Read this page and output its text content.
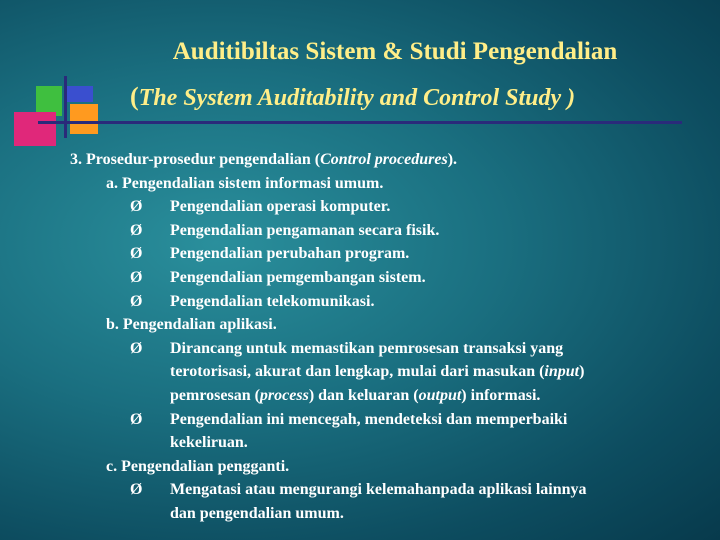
Auditibiltas Sistem & Studi Pengendalian
(The System Auditability and Control Study )
3. Prosedur-prosedur pengendalian (Control procedures).
a. Pengendalian sistem informasi umum.
Ø	Pengendalian operasi komputer.
Ø	Pengendalian pengamanan secara fisik.
Ø	Pengendalian perubahan program.
Ø	Pengendalian pemgembangan sistem.
Ø	Pengendalian telekomunikasi.
b. Pengendalian aplikasi.
Ø	Dirancang untuk memastikan pemrosesan transaksi yang
terotorisasi, akurat dan lengkap, mulai dari masukan (input)
pemrosesan (process) dan keluaran (output) informasi.
Ø	Pengendalian ini mencegah, mendeteksi dan memperbaiki
kekeliruan.
c. Pengendalian pengganti.
Ø	Mengatasi atau mengurangi kelemahanpada aplikasi lainnya
dan pengendalian umum.
